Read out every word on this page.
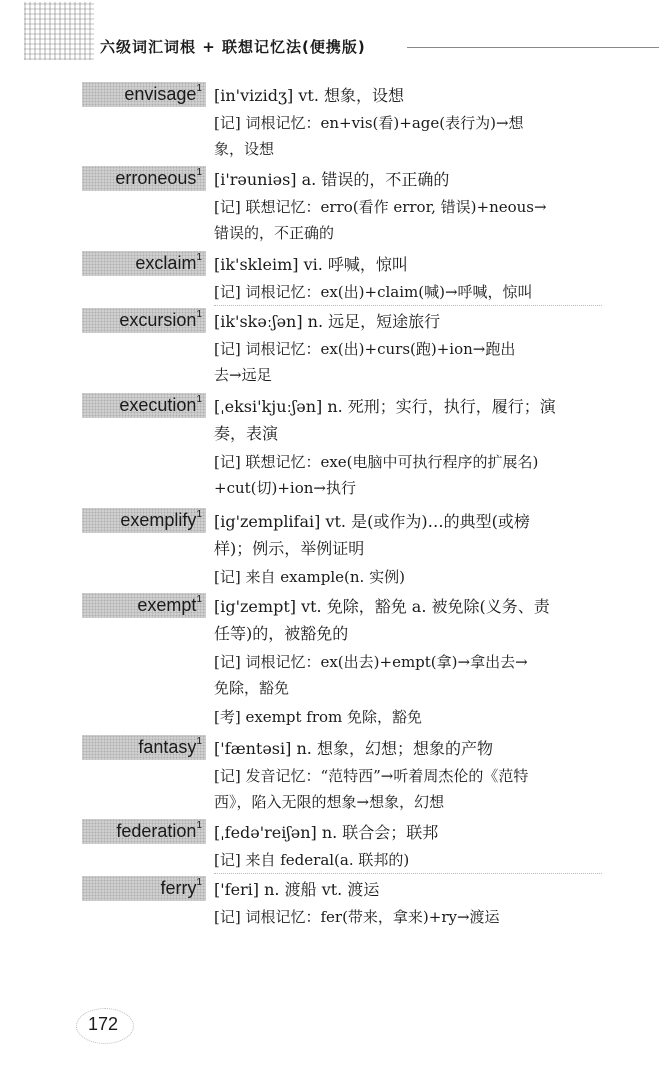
六级词汇词根 + 联想记忆法(便携版)
envisage$^1$ [in'vizidʒ] vt. 想象，设想
[记] 词根记忆：en+vis(看)+age(表行为)→想
象，设想
erroneous$^1$ [i'rəuniəs] a. 错误的，不正确的
[记] 联想记忆：erro(看作 error, 错误)+neous→
错误的，不正确的
exclaim$^1$ [ik'skleim] vi. 呼喊，惊叫
[记] 词根记忆：ex(出)+claim(喊)→呼喊，惊叫
excursion$^1$ [ik'skəːʃən] n. 远足，短途旅行
[记] 词根记忆：ex(出)+curs(跑)+ion→跑出
去→远足
execution$^1$ [ˌeksi'kjuːʃən] n. 死刑；实行，执行，履行；演
奏，表演
[记] 联想记忆：exe(电脑中可执行程序的扩展名)
+cut(切)+ion→执行
exemplify$^1$ [ig'zemplifai] vt. 是(或作为)…的典型(或榜
样)；例示，举例证明
[记] 来自 example(n. 实例)
exempt$^1$ [ig'zempt] vt. 免除，豁免 a. 被免除(义务、责
任等)的，被豁免的
[记] 词根记忆：ex(出去)+empt(拿)→拿出去→
免除，豁免
[考] exempt from 免除，豁免
fantasy$^1$ ['fæntəsi] n. 想象，幻想；想象的产物
[记] 发音记忆：“范特西”→听着周杰伦的《范特
西》，陷入无限的想象→想象，幻想
federation$^1$ [ˌfedə'reiʃən] n. 联合会；联邦
[记] 来自 federal(a. 联邦的)
ferry$^1$ ['feri] n. 渡船 vt. 渡运
[记] 词根记忆：fer(带来，拿来)+ry→渡运
172
